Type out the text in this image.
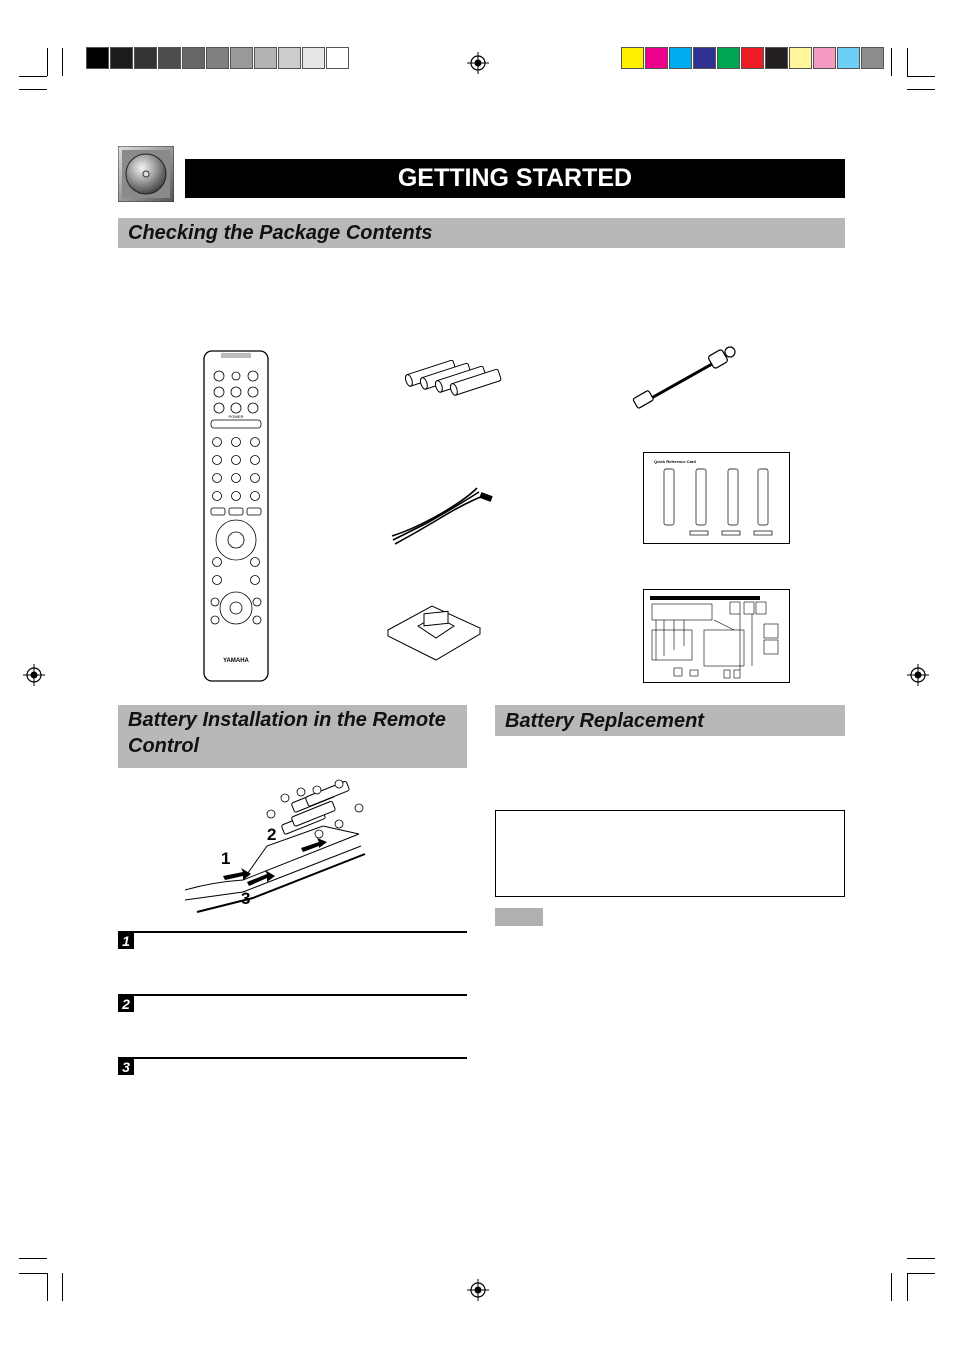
GETTING STARTED
Checking the Package Contents
POWER
YAMAHA
Quick Reference Card
Battery Installation in the Remote Control
Battery Replacement
1
2
3
1
2
3
